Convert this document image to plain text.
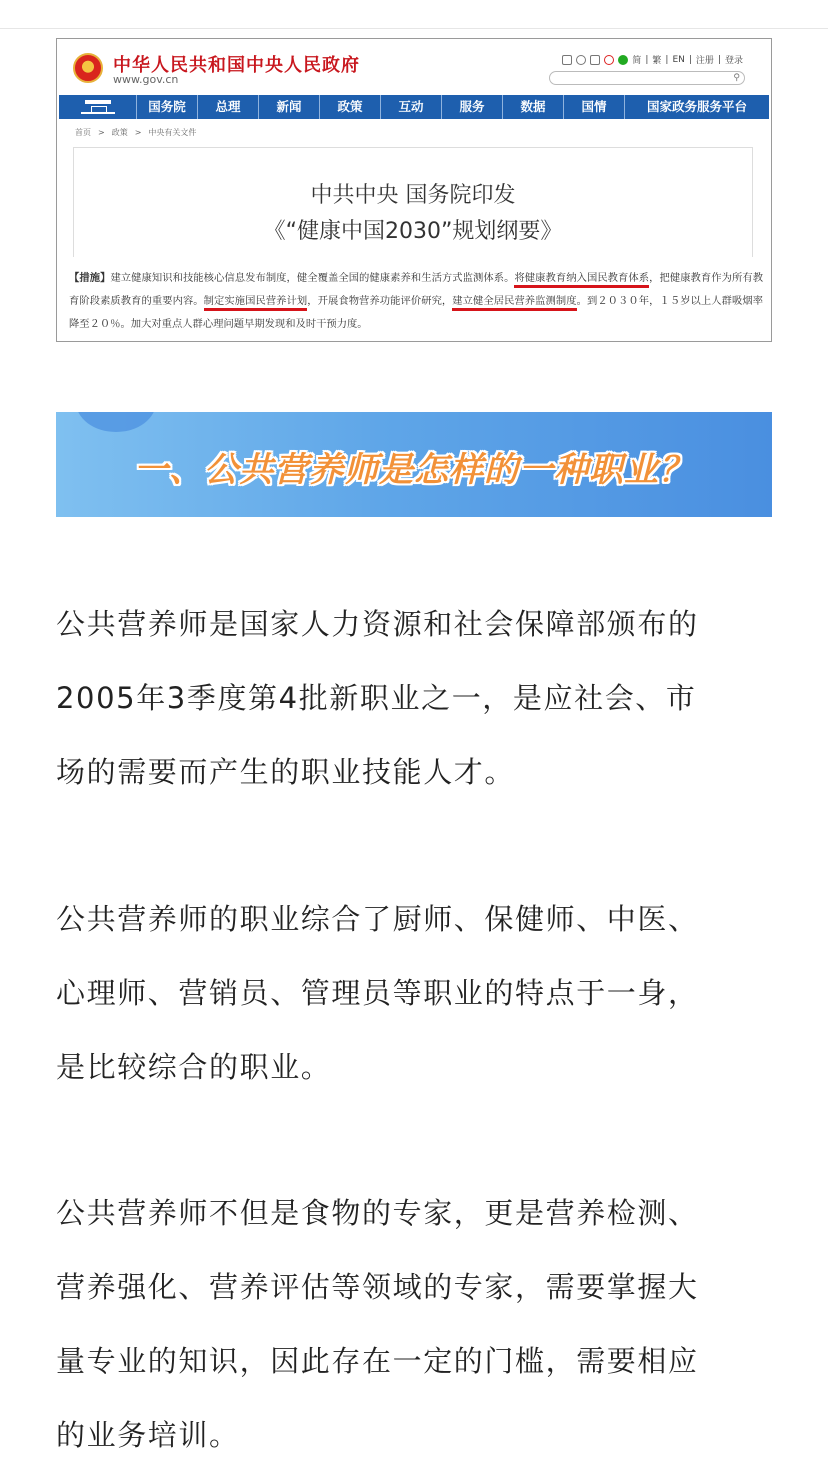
中华人民共和国中央人民政府
www.gov.cn
简 | 繁 | EN | 注册 | 登录
⚲
国务院	总理	新闻	政策	互动	服务	数据	国情	国家政务服务平台
首页 > 政策 > 中央有关文件
中共中央 国务院印发
《“健康中国2030”规划纲要》
【措施】建立健康知识和技能核心信息发布制度，健全覆盖全国的健康素养和生活方式监测体系。将健康教育纳入国民教育体系，把健康教育作为所有教育阶段素质教育的重要内容。制定实施国民营养计划，开展食物营养功能评价研究，建立健全居民营养监测制度。到２０３０年，１５岁以上人群吸烟率降至２０％。加大对重点人群心理问题早期发现和及时干预力度。
一、公共营养师是怎样的一种职业？
公共营养师是国家人力资源和社会保障部颁布的
2005年3季度第4批新职业之一，是应社会、市
场的需要而产生的职业技能人才。
公共营养师的职业综合了厨师、保健师、中医、
心理师、营销员、管理员等职业的特点于一身，
是比较综合的职业。
公共营养师不但是食物的专家，更是营养检测、
营养强化、营养评估等领域的专家，需要掌握大
量专业的知识，因此存在一定的门槛，需要相应
的业务培训。
